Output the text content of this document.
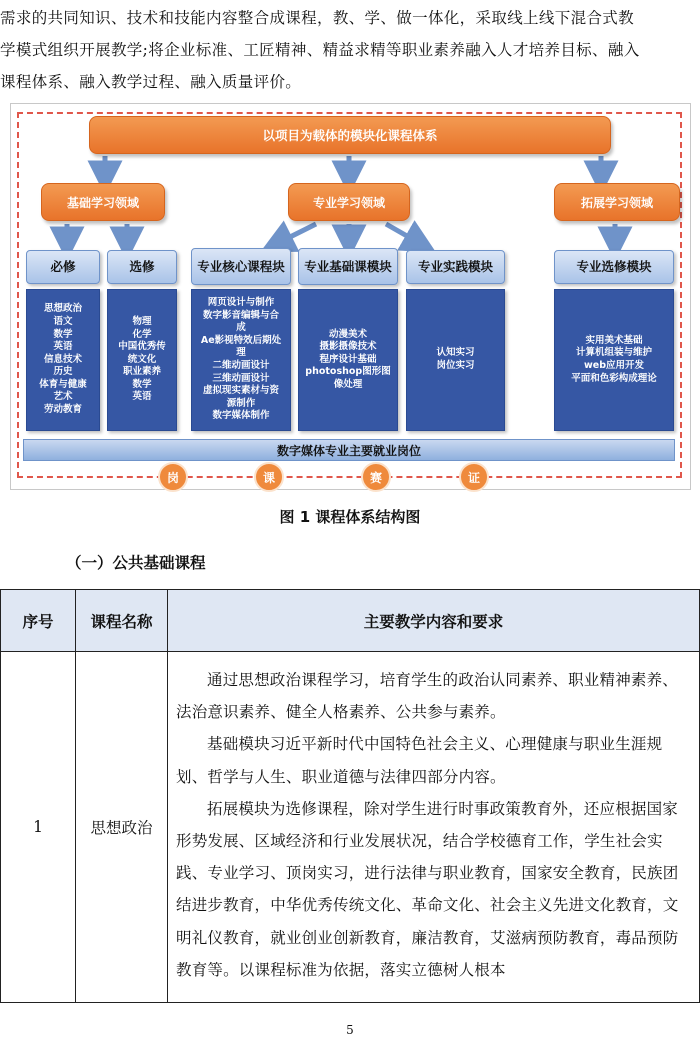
需求的共同知识、技术和技能内容整合成课程，教、学、做一体化，采取线上线下混合式教

学模式组织开展教学;将企业标准、工匠精神、精益求精等职业素养融入人才培养目标、融入

课程体系、融入教学过程、融入质量评价。

以项目为载体的模块化课程体系
基础学习领域	专业学习领域	拓展学习领域
必修	选修	专业核心课程块	专业基础课模块	专业实践模块	专业选修模块
思想政治
语文
数学
英语
信息技术
历史
体育与健康
艺术
劳动教育
物理
化学
中国优秀传
统文化
职业素养
数学
英语
网页设计与制作
数字影音编辑与合
成
Ae影视特效后期处
理
二维动画设计
三维动画设计
虚拟现实素材与资
源制作
数字媒体制作
动漫美术
摄影摄像技术
程序设计基础
photoshop图形图
像处理
认知实习
岗位实习
实用美术基础
计算机组装与维护
web应用开发
平面和色彩构成理论
数字媒体专业主要就业岗位
岗	课	赛	证
图 1 课程体系结构图
（一）公共基础课程
序号	课程名称	主要教学内容和要求
1	思想政治	通过思想政治课程学习，培育学生的政治认同素养、职业精神素养、法治意识素养、健全人格素养、公共参与素养。

基础模块习近平新时代中国特色社会主义、心理健康与职业生涯规划、哲学与人生、职业道德与法律四部分内容。

拓展模块为选修课程，除对学生进行时事政策教育外，还应根据国家形势发展、区域经济和行业发展状况，结合学校德育工作，学生社会实践、专业学习、顶岗实习，进行法律与职业教育，国家安全教育，民族团结进步教育，中华优秀传统文化、革命文化、社会主义先进文化教育，文明礼仪教育，就业创业创新教育，廉洁教育，艾滋病预防教育，毒品预防教育等。以课程标准为依据，落实立德树人根本

5
